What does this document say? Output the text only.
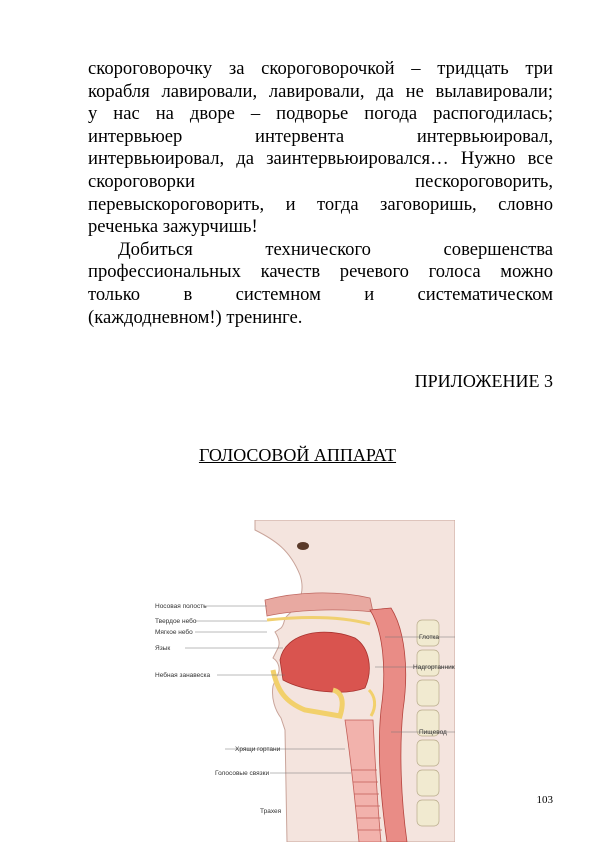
скороговорочку за скороговорочкой – тридцать три
корабля лавировали, лавировали, да не вылавировали;
у нас на дворе – подворье погода распогодилась;
интервьюер интервента интервьюировал,
интервьюировал, да заинтервьюировался… Нужно все
скороговорки пескороговорить,
перевыскороговорить, и тогда заговоришь, словно
реченька зажурчишь!
Добиться технического совершенства
профессиональных качеств речевого голоса можно
только в системном и систематическом
(каждодневном!) тренинге.
ПРИЛОЖЕНИЕ 3
ГОЛОСОВОЙ АППАРАТ
Носовая полость
Твердое небо
Мягкое небо
Язык
Небная занавеска
Хрящи гортани
Голосовые связки
Трахея
Глотка
Надгортанник
Пищевод
103
